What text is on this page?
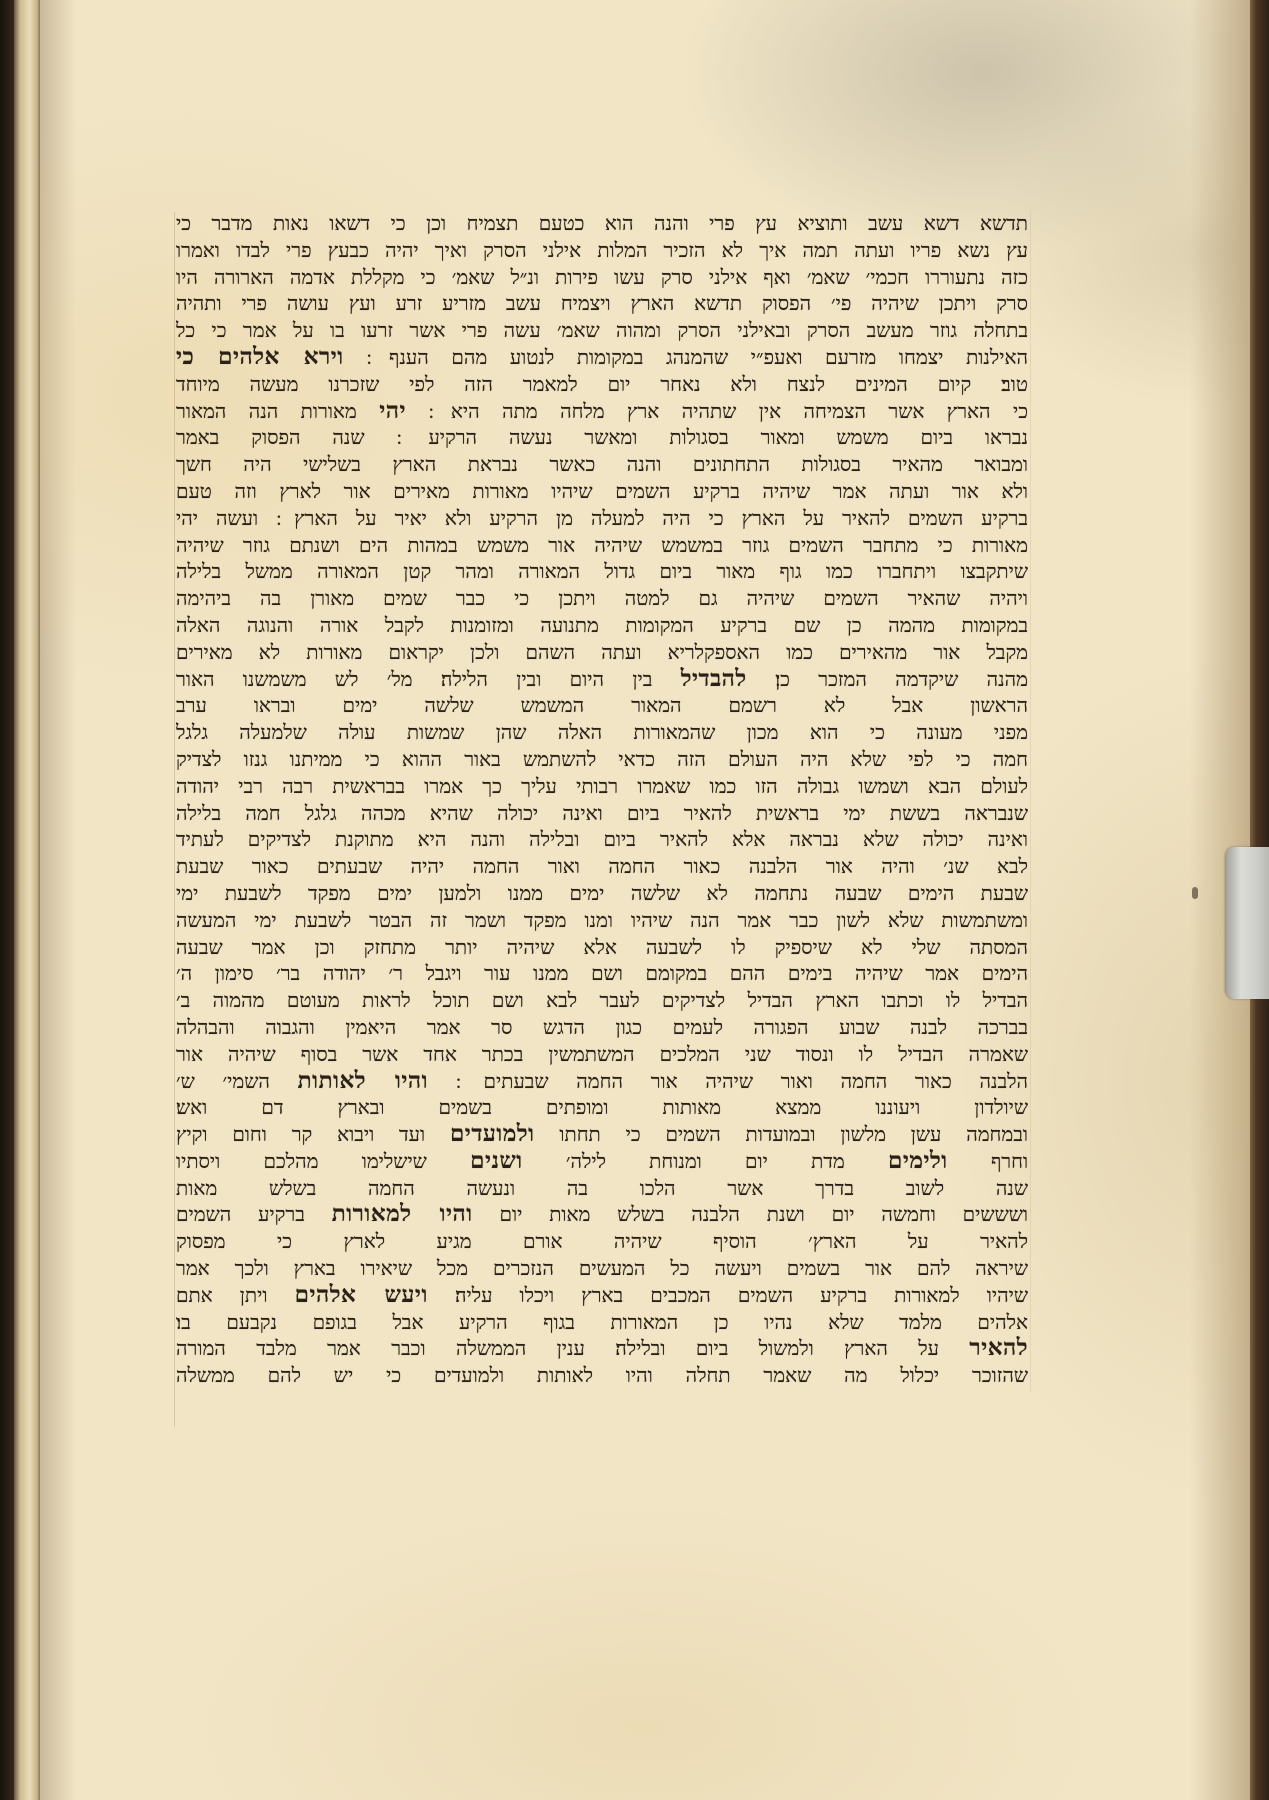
תדשא דשא עשב ותוציא עץ פרי והנה הוא כטעם תצמיח וכן כי דשאו נאות מדבר כי
עץ נשא פריו ועתה תמה איך לא הזכיר המלות אילני הסרק ואיך יהיה כבעץ פרי לבדו ואמרו
כזה נתעוררו חכמי׳ שאמ׳ ואף אילני סרק עשו פירות ונ״ל שאמ׳ כי מקללת אדמה הארורה היו
סרק ויתכן שיהיה פי׳ הפסוק תדשא הארץ ויצמיח עשב מזריע זרע ועץ עושה פרי ותהיה
בתחלה גוזר מעשב הסרק ובאילני הסרק ומהוה שאמ׳ עשה פרי אשר זרעו בו על אמר כי כל
האילנות יצמחו מזרעם ואעפ״י שהמנהג במקומות לנטוע מהם הענף ׃ וירא אלהים כי
טוב׃ קיום המינים לנצח ולא נאחר יום למאמר הזה לפי שזכרנו מעשה מיוחד
כי הארץ אשר הצמיחה אין שתהיה ארץ מלחה מתה היא ׃ יהי מאורות הנה המאור
נבראו ביום משמש ומאור בסגולות ומאשר נעשה הרקיע ׃ שנה הפסוק באמר
ומבואר מהאיר בסגולות התחתונים והנה כאשר נבראת הארץ בשלישי היה חשך
ולא אור ועתה אמר שיהיה ברקיע השמים שיהיו מאורות מאירים אור לארץ וזה טעם
ברקיע השמים להאיר על הארץ כי היה למעלה מן הרקיע ולא יאיר על הארץ ׃ ועשה יהי
מאורות כי מתחבר השמים גוזר במשמש שיהיה אור משמש במהות הים ושנתם גוזר שיהיה
שיתקבצו ויתחברו כמו גוף מאור ביום גדול המאורה ומהר קטן המאורה ממשל בלילה
ויהיה שהאיר השמים שיהיה גם למטה ויתכן כי כבר שמים מאורן בה ביהימה
במקומות מהמה כן שם ברקיע המקומות מתנועה ומזומנות לקבל אורה והנוגה האלה
מקבל אור מהאירים כמו האספקלריא ועתה השהם ולכן יקראום מאורות לא מאירים
מהנה שיקדמה המזכר כן׃ להבדיל בין היום ובין הלילה׃ מל׳ לש משמשנו האור
הראשון אבל לא רשמם המאור המשמש שלשה ימים ובראו ערב
מפני מעונה כי הוא מכון שהמאורות האלה שהן שמשות עולה שלמעלה גלגל
חמה כי לפי שלא היה העולם הזה כדאי להשתמש באור ההוא כי ממיתנו גנזו לצדיק
לעולם הבא ושמשו גבולה הזו כמו שאמרו רבותי עליך כך אמרו בבראשית רבה רבי יהודה
שנבראה בששת ימי בראשית להאיר ביום ואינה יכולה שהיא מכהה גלגל חמה בלילה
ואינה יכולה שלא נבראה אלא להאיר ביום ובלילה והנה היא מתוקנת לצדיקים לעתיד
לבא שנ׳ והיה אור הלבנה כאור החמה ואור החמה יהיה שבעתים כאור שבעת
שבעת הימים שבעה נתחמה לא שלשה ימים ממנו ולמען ימים מפקד לשבעת ימי
ומשתמשות שלא לשון כבר אמר הנה שיהיו ומנו מפקד ושמר זה הבטר לשבעת ימי המעשה
המסתה שלי לא שיספיק לו לשבעה אלא שיהיה יותר מתחזק וכן אמר שבעה
הימים אמר שיהיה בימים ההם במקומם ושם ממנו עור ויגבל ר׳ יהודה בר׳ סימון ה׳
הבדיל לו וכתבו הארץ הבדיל לצדיקים לעבר לבא ושם תוכל לראות מעוטם מהמוה ב׳
בברכה לבנה שבוע הפגורה לעמים כגון הדגש סר אמר היאמין והגבוה והבהלה
שאמרה הבדיל לו ונסוד שני המלכים המשתמשין בכתר אחד אשר בסוף שיהיה אור
הלבנה כאור החמה ואור שיהיה אור החמה שבעתים ׃ והיו לאותות השמי׳ ש׳
שיולדון ויעוננו ממצא מאותות ומופתים בשמים ובארץ דם ואש׃
ובמחמה עשן מלשון ובמועדות השמים כי תחתו ולמועדים ועד ויבוא קר וחום וקיץ
וחרף ולימים מדת יום ומנוחת לילה׳ ושנים שישלימו מהלכם ויסתיו
שנה לשוב בדרך אשר הלכו בה ונעשה החמה בשלש מאות
ושששים וחמשה יום ושנת הלבנה בשלש מאות יום והיו למאורות ברקיע השמים
להאיר על הארץ׳ הוסיף שיהיה אורם מגיע לארץ כי מפסוק
שיראה להם אור בשמים ויעשה כל המעשים הנזכרים מכל שיאירו בארץ ולכך אמר
שיהיו למאורות ברקיע השמים המכבים בארץ ויכלו עליה׃ ויעש אלהים ויתן אתם
אלהים מלמד שלא נהיו כן המאורות בגוף הרקיע אבל בגופם נקבעם בו׃
להאיר על הארץ ולמשול ביום ובלילה׃ ענין הממשלה וכבר אמר מלבד המורה
שהזוכר יכלול מה שאמר תחלה והיו לאותות ולמועדים כי יש להם ממשלה
